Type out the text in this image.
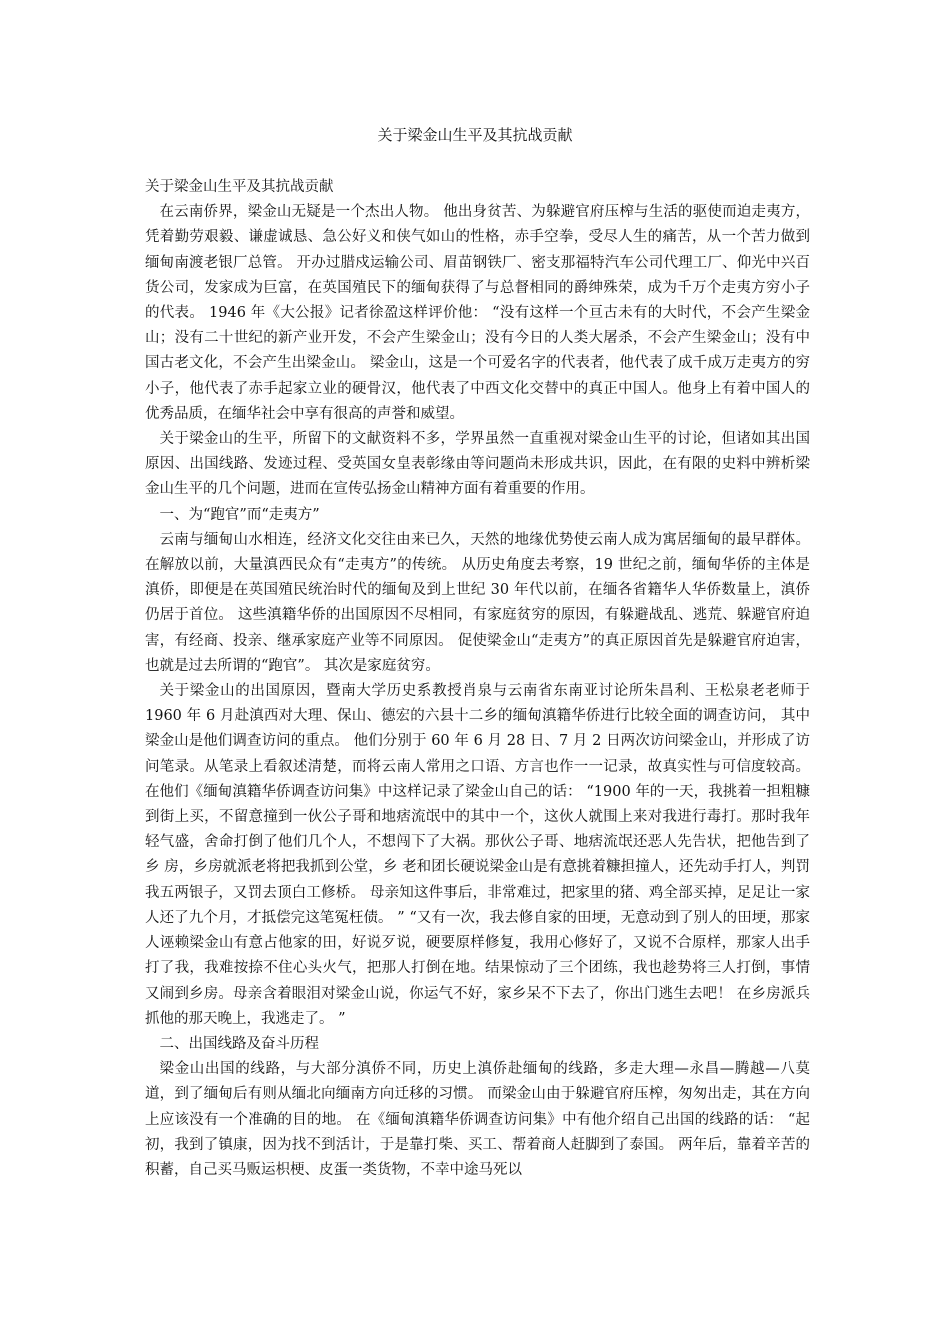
关于梁金山生平及其抗战贡献

关于梁金山生平及其抗战贡献

在云南侨界，梁金山无疑是一个杰出人物。 他出身贫苦、为躲避官府压榨与生活的驱使而迫走夷方，凭着勤劳艰毅、谦虚诚恳、急公好义和侠气如山的性格，赤手空拳，受尽人生的痛苦，从一个苦力做到缅甸南渡老银厂总管。 开办过腊戍运输公司、眉苗钢铁厂、密支那福特汽车公司代理工厂、仰光中兴百货公司，发家成为巨富，在英国殖民下的缅甸获得了与总督相同的爵绅殊荣，成为千万个走夷方穷小子的代表。 1946 年《大公报》记者徐盈这样评价他： “没有这样一个亘古未有的大时代，不会产生梁金山；没有二十世纪的新产业开发，不会产生梁金山；没有今日的人类大屠杀，不会产生梁金山；没有中国古老文化，不会产生出梁金山。 梁金山，这是一个可爱名字的代表者，他代表了成千成万走夷方的穷小子，他代表了赤手起家立业的硬骨汉，他代表了中西文化交替中的真正中国人。他身上有着中国人的优秀品质，在缅华社会中享有很高的声誉和威望。

关于梁金山的生平，所留下的文献资料不多，学界虽然一直重视对梁金山生平的讨论，但诸如其出国原因、出国线路、发迹过程、受英国女皇表彰缘由等问题尚未形成共识，因此，在有限的史料中辨析梁金山生平的几个问题，进而在宣传弘扬金山精神方面有着重要的作用。

一、为“跑官”而“走夷方”

云南与缅甸山水相连，经济文化交往由来已久，天然的地缘优势使云南人成为寓居缅甸的最早群体。 在解放以前，大量滇西民众有“走夷方”的传统。 从历史角度去考察，19 世纪之前，缅甸华侨的主体是滇侨，即便是在英国殖民统治时代的缅甸及到上世纪 30 年代以前，在缅各省籍华人华侨数量上，滇侨仍居于首位。 这些滇籍华侨的出国原因不尽相同，有家庭贫穷的原因，有躲避战乱、逃荒、躲避官府迫害，有经商、投亲、继承家庭产业等不同原因。 促使梁金山“走夷方”的真正原因首先是躲避官府迫害，也就是过去所谓的“跑官”。 其次是家庭贫穷。

关于梁金山的出国原因，暨南大学历史系教授肖泉与云南省东南亚讨论所朱昌利、王松泉老老师于 1960 年 6 月赴滇西对大理、保山、德宏的六县十二乡的缅甸滇籍华侨进行比较全面的调查访问， 其中梁金山是他们调查访问的重点。 他们分别于 60 年 6 月 28 日、7 月 2 日两次访问梁金山，并形成了访问笔录。从笔录上看叙述清楚，而将云南人常用之口语、方言也作一一记录，故真实性与可信度较高。 在他们《缅甸滇籍华侨调查访问集》中这样记录了梁金山自己的话： “1900 年的一天，我挑着一担粗糠到街上买，不留意撞到一伙公子哥和地痞流氓中的其中一个，这伙人就围上来对我进行毒打。那时我年轻气盛，舍命打倒了他们几个人，不想闯下了大祸。那伙公子哥、地痞流氓还恶人先告状，把他告到了乡 房，乡房就派老将把我抓到公堂，乡 老和团长硬说梁金山是有意挑着糠担撞人，还先动手打人，判罚我五两银子，又罚去顶白工修桥。 母亲知这件事后，非常难过，把家里的猪、鸡全部买掉，足足让一家人还了九个月，才抵偿完这笔冤枉债。 ” “又有一次，我去修自家的田埂，无意动到了别人的田埂，那家人诬赖梁金山有意占他家的田，好说歹说，硬要原样修复，我用心修好了，又说不合原样，那家人出手打了我，我难按捺不住心头火气，把那人打倒在地。结果惊动了三个团练，我也趁势将三人打倒，事情又闹到乡房。母亲含着眼泪对梁金山说，你运气不好，家乡呆不下去了，你出门逃生去吧！ 在乡房派兵抓他的那天晚上，我逃走了。 ”

二、出国线路及奋斗历程

梁金山出国的线路，与大部分滇侨不同，历史上滇侨赴缅甸的线路，多走大理—永昌—腾越—八莫道，到了缅甸后有则从缅北向缅南方向迁移的习惯。 而梁金山由于躲避官府压榨，匆匆出走，其在方向上应该没有一个准确的目的地。 在《缅甸滇籍华侨调查访问集》中有他介绍自己出国的线路的话： “起初，我到了镇康，因为找不到活计，于是靠打柴、买工、帮着商人赶脚到了泰国。 两年后，靠着辛苦的积蓄，自己买马贩运枳梗、皮蛋一类货物，不幸中途马死以
